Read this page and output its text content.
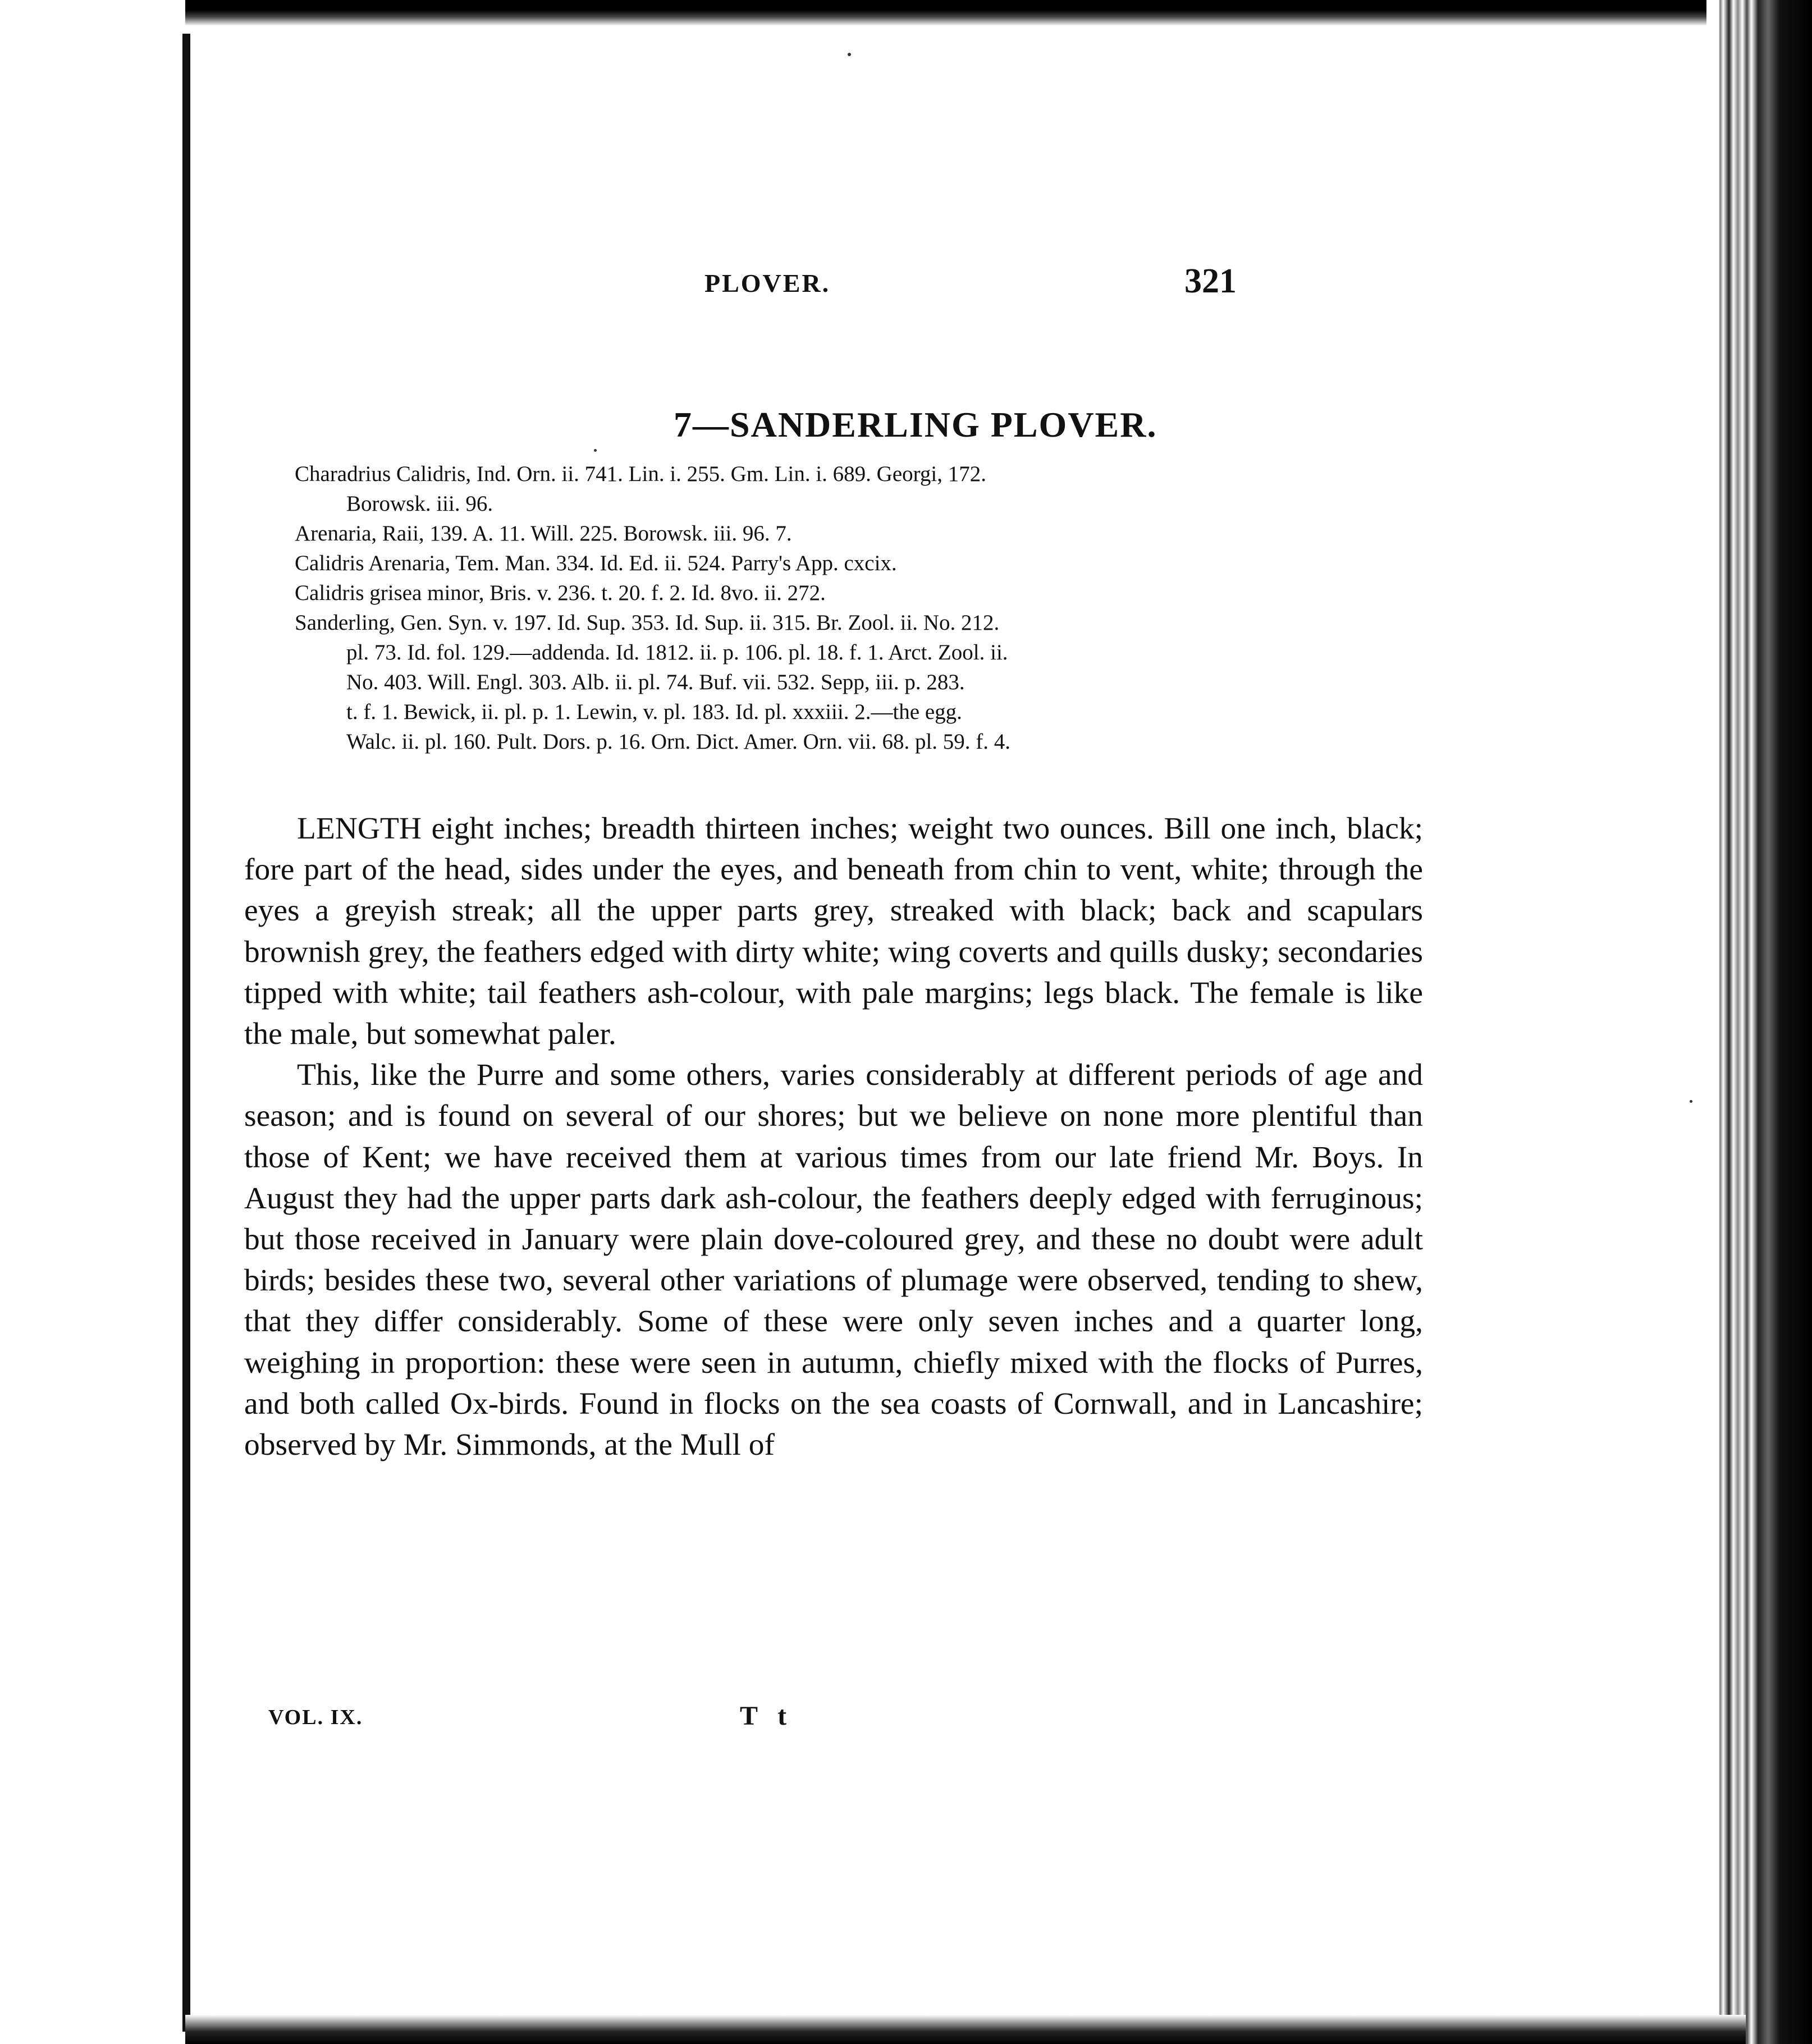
PLOVER.	321
7—SANDERLING PLOVER.
Charadrius Calidris, Ind. Orn. ii. 741. Lin. i. 255. Gm. Lin. i. 689. Georgi, 172.
Borowsk. iii. 96.
Arenaria, Raii, 139. A. 11. Will. 225. Borowsk. iii. 96. 7.
Calidris Arenaria, Tem. Man. 334. Id. Ed. ii. 524. Parry's App. cxcix.
Calidris grisea minor, Bris. v. 236. t. 20. f. 2. Id. 8vo. ii. 272.
Sanderling, Gen. Syn. v. 197. Id. Sup. 353. Id. Sup. ii. 315. Br. Zool. ii. No. 212.
pl. 73. Id. fol. 129.—addenda. Id. 1812. ii. p. 106. pl. 18. f. 1. Arct. Zool. ii.
No. 403. Will. Engl. 303. Alb. ii. pl. 74. Buf. vii. 532. Sepp, iii. p. 283.
t. f. 1. Bewick, ii. pl. p. 1. Lewin, v. pl. 183. Id. pl. xxxiii. 2.—the egg.
Walc. ii. pl. 160. Pult. Dors. p. 16. Orn. Dict. Amer. Orn. vii. 68. pl. 59. f. 4.

LENGTH eight inches; breadth thirteen inches; weight two ounces. Bill one inch, black; fore part of the head, sides under the eyes, and beneath from chin to vent, white; through the eyes a greyish streak; all the upper parts grey, streaked with black; back and scapulars brownish grey, the feathers edged with dirty white; wing coverts and quills dusky; secondaries tipped with white; tail feathers ash-colour, with pale margins; legs black. The female is like the male, but somewhat paler.

This, like the Purre and some others, varies considerably at different periods of age and season; and is found on several of our shores; but we believe on none more plentiful than those of Kent; we have received them at various times from our late friend Mr. Boys. In August they had the upper parts dark ash-colour, the feathers deeply edged with ferruginous; but those received in January were plain dove-coloured grey, and these no doubt were adult birds; besides these two, several other variations of plumage were observed, tending to shew, that they differ considerably. Some of these were only seven inches and a quarter long, weighing in proportion: these were seen in autumn, chiefly mixed with the flocks of Purres, and both called Ox-birds. Found in flocks on the sea coasts of Cornwall, and in Lancashire; observed by Mr. Simmonds, at the Mull of

VOL. IX.	T t
